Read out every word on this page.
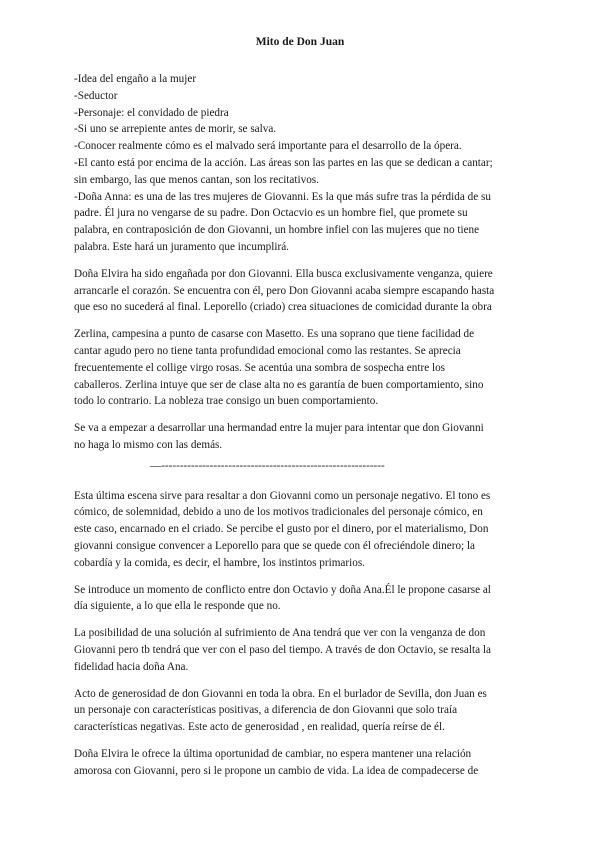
Mito de Don Juan
-Idea del engaño a la mujer
-Seductor
-Personaje: el convidado de piedra
-Si uno se arrepiente antes de morir, se salva.
-Conocer realmente cómo es el malvado será importante para el desarrollo de la ópera.
-El canto está por encima de la acción. Las áreas son las partes en las que se dedican a cantar;
sin embargo, las que menos cantan, son los recitativos.
-Doña Anna: es una de las tres mujeres de Giovanni. Es la que más sufre tras la pérdida de su
padre. Él jura no vengarse de su padre. Don Octacvio es un hombre fiel, que promete su
palabra, en contraposición de don Giovanni, un hombre infiel con las mujeres que no tiene
palabra. Este hará un juramento que incumplirá.
Doña Elvira ha sido engañada por don Giovanni. Ella busca exclusivamente venganza, quiere
arrancarle el corazón. Se encuentra con él, pero Don Giovanni acaba siempre escapando hasta
que eso no sucederá al final. Leporello (criado) crea situaciones de comicidad durante la obra
Zerlina, campesina a punto de casarse con Masetto. Es una soprano que tiene facilidad de
cantar agudo pero no tiene tanta profundidad emocional como las restantes. Se aprecia
frecuentemente el collige virgo rosas. Se acentúa una sombra de sospecha entre los
caballeros. Zerlina intuye que ser de clase alta no es garantía de buen comportamiento, sino
todo lo contrario. La nobleza trae consigo un buen comportamiento.
Se va a empezar a desarrollar una hermandad entre la mujer para intentar que don Giovanni
no haga lo mismo con las demás.
—------------------------------------------------------------
Esta última escena sirve para resaltar a don Giovanni como un personaje negativo. El tono es
cómico, de solemnidad, debido a uno de los motivos tradicionales del personaje cómico, en
este caso, encarnado en el criado. Se percibe el gusto por el dinero, por el materialismo, Don
giovanni consigue convencer a Leporello para que se quede con él ofreciéndole dinero; la
cobardía y la comida, es decir, el hambre, los instintos primarios.
Se introduce un momento de conflicto entre don Octavio y doña Ana.Él le propone casarse al
día siguiente, a lo que ella le responde que no.
La posibilidad de una solución al sufrimiento de Ana tendrá que ver con la venganza de don
Giovanni pero tb tendrá que ver con el paso del tiempo. A través de don Octavio, se resalta la
fidelidad hacia doña Ana.
Acto de generosidad de don Giovanni en toda la obra. En el burlador de Sevilla, don Juan es
un personaje con características positivas, a diferencia de don Giovanni que solo traía
características negativas. Este acto de generosidad , en realidad, quería reírse de él.
Doña Elvira le ofrece la última oportunidad de cambiar, no espera mantener una relación
amorosa con Giovanni, pero si le propone un cambio de vida. La idea de compadecerse de
